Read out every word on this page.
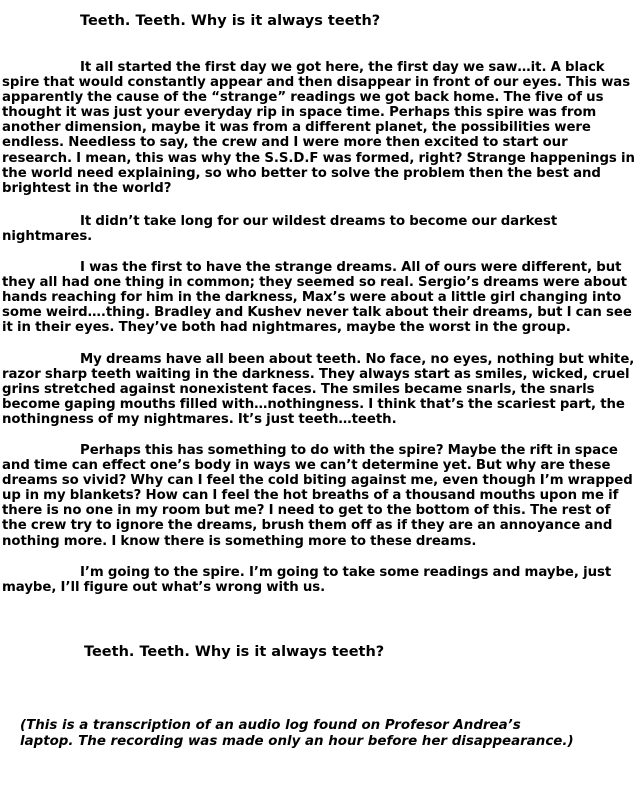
Teeth. Teeth. Why is it always teeth?

It all started the first day we got here, the first day we saw…it. A black spire that would constantly appear and then disappear in front of our eyes. This was apparently the cause of the “strange” readings we got back home. The five of us thought it was just your everyday rip in space time. Perhaps this spire was from another dimension, maybe it was from a different planet, the possibilities were endless. Needless to say, the crew and I were more then excited to start our research. I mean, this was why the S.S.D.F was formed, right? Strange happenings in the world need explaining, so who better to solve the problem then the best and brightest in the world?

It didn’t take long for our wildest dreams to become our darkest nightmares.

I was the first to have the strange dreams. All of ours were different, but they all had one thing in common; they seemed so real. Sergio’s dreams were about hands reaching for him in the darkness, Max’s were about a little girl changing into some weird….thing. Bradley and Kushev never talk about their dreams, but I can see it in their eyes. They’ve both had nightmares, maybe the worst in the group.

My dreams have all been about teeth. No face, no eyes, nothing but white, razor sharp teeth waiting in the darkness. They always start as smiles, wicked, cruel grins stretched against nonexistent faces. The smiles became snarls, the snarls become gaping mouths filled with…nothingness. I think that’s the scariest part, the nothingness of my nightmares. It’s just teeth…teeth.

Perhaps this has something to do with the spire? Maybe the rift in space and time can effect one’s body in ways we can’t determine yet. But why are these dreams so vivid? Why can I feel the cold biting against me, even though I’m wrapped up in my blankets? How can I feel the hot breaths of a thousand mouths upon me if there is no one in my room but me? I need to get to the bottom of this. The rest of the crew try to ignore the dreams, brush them off as if they are an annoyance and nothing more. I know there is something more to these dreams.

I’m going to the spire. I’m going to take some readings and maybe, just maybe, I’ll figure out what’s wrong with us.

Teeth. Teeth. Why is it always teeth?
(This is a transcription of an audio log found on Profesor Andrea’s
laptop. The recording was made only an hour before her disappearance.)
